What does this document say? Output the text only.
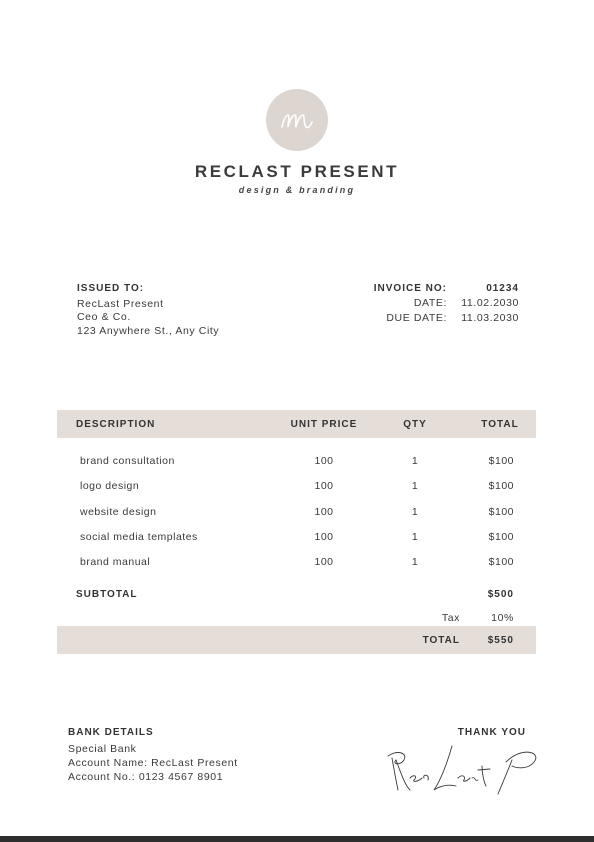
RECLAST PRESENT
design & branding
ISSUED TO:
RecLast Present
Ceo & Co.
123 Anywhere St., Any City
INVOICE NO:	01234
DATE:	11.02.2030
DUE DATE:	11.03.2030
DESCRIPTION	UNIT PRICE	QTY	TOTAL
brand consultation	100	1	$100
logo design	100	1	$100
website design	100	1	$100
social media templates	100	1	$100
brand manual	100	1	$100
SUBTOTAL	$500
Tax	10%
TOTAL	$550
BANK DETAILS
Special Bank
Account Name: RecLast Present
Account No.: 0123 4567 8901
THANK YOU
